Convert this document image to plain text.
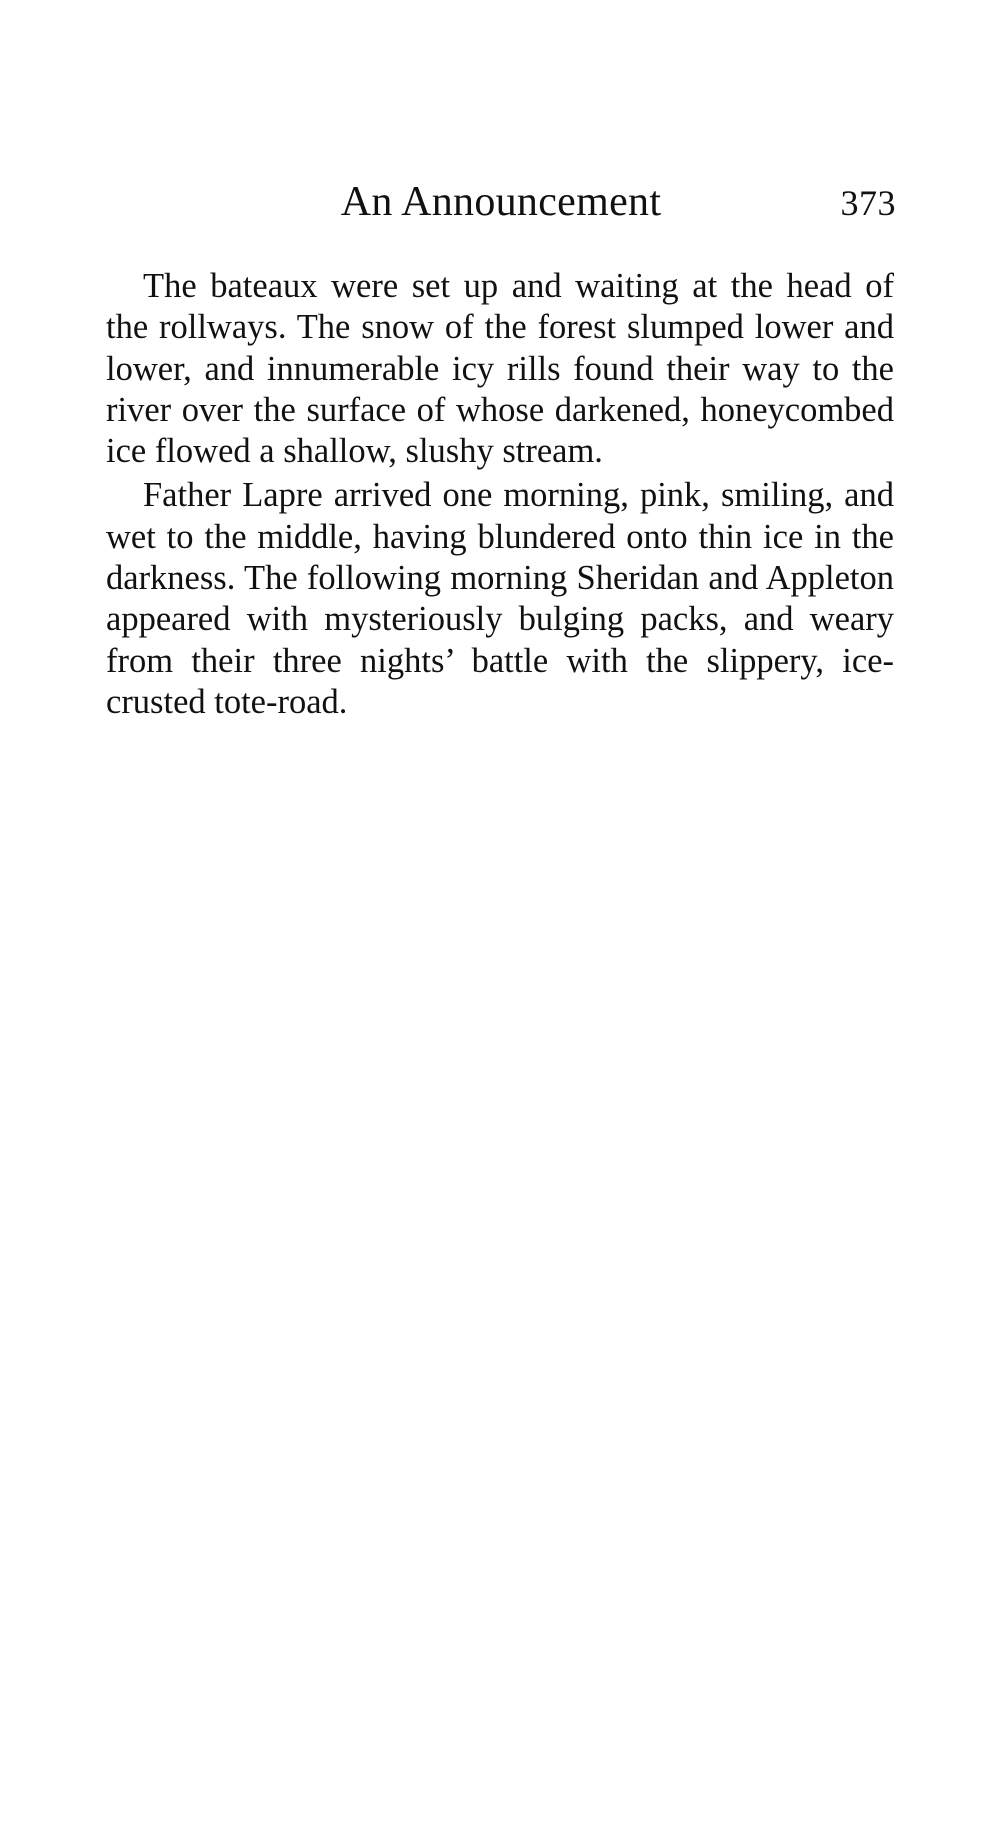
An Announcement	373

The bateaux were set up and waiting at the head of the rollways. The snow of the forest slumped lower and lower, and innumerable icy rills found their way to the river over the surface of whose darkened, honeycombed ice flowed a shallow, slushy stream.

Father Lapre arrived one morning, pink, smiling, and wet to the middle, having blundered onto thin ice in the darkness. The following morning Sheridan and Appleton appeared with mysteriously bulging packs, and weary from their three nights’ battle with the slippery, ice-crusted tote-road.
